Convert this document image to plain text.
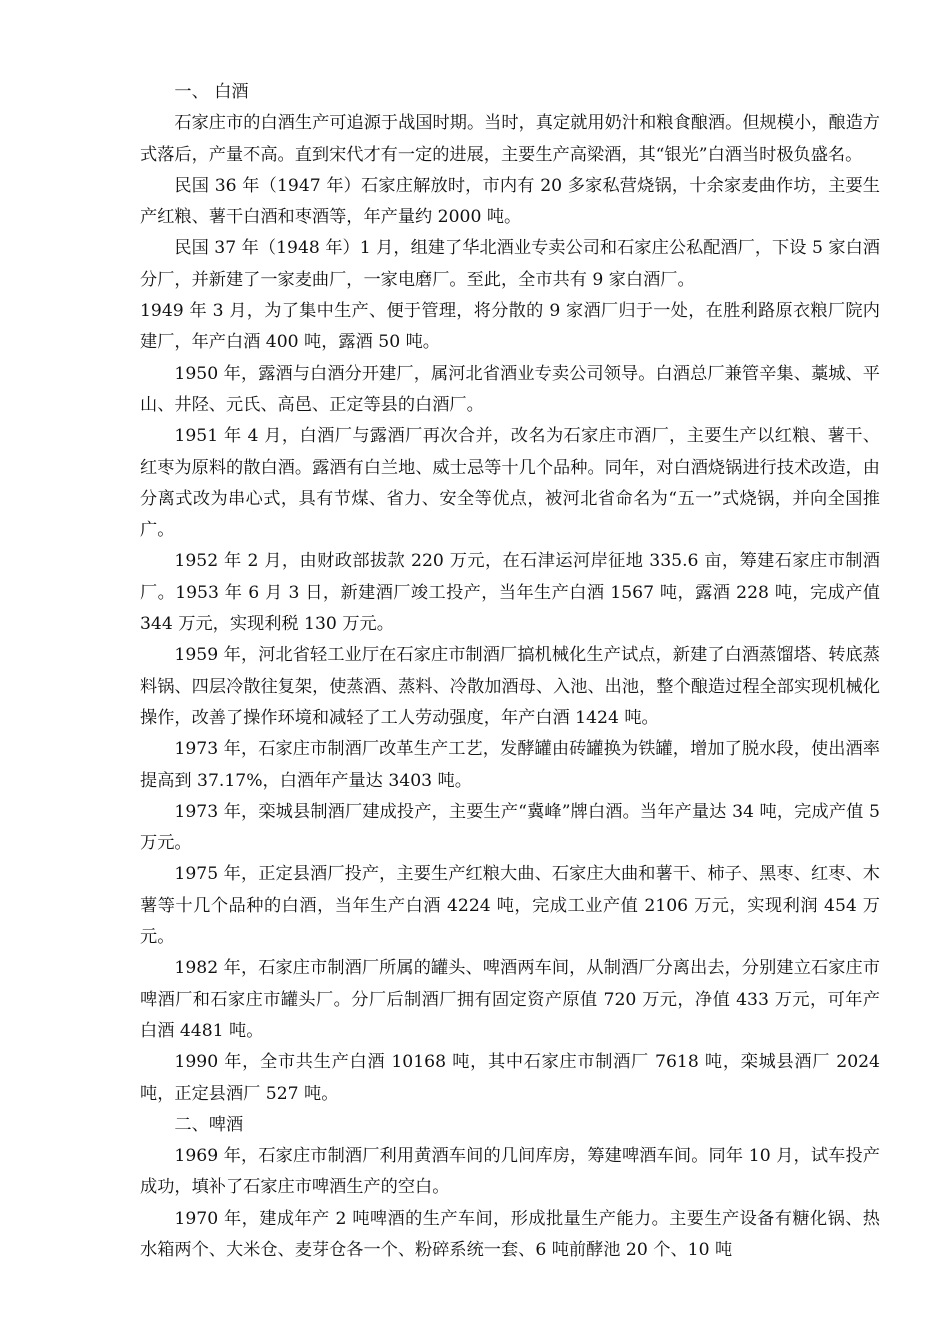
一、 白酒

石家庄市的白酒生产可追源于战国时期。当时，真定就用奶汁和粮食酿酒。但规模小，酿造方式落后，产量不高。直到宋代才有一定的进展，主要生产高梁酒，其“银光”白酒当时极负盛名。

民国 36 年（1947 年）石家庄解放时，市内有 20 多家私营烧锅，十余家麦曲作坊，主要生产红粮、薯干白酒和枣酒等，年产量约 2000 吨。

民国 37 年（1948 年）1 月，组建了华北酒业专卖公司和石家庄公私配酒厂，下设 5 家白酒分厂，并新建了一家麦曲厂，一家电磨厂。至此，全市共有 9 家白酒厂。

1949 年 3 月，为了集中生产、便于管理，将分散的 9 家酒厂归于一处，在胜利路原衣粮厂院内建厂，年产白酒 400 吨，露酒 50 吨。

1950 年，露酒与白酒分开建厂，属河北省酒业专卖公司领导。白酒总厂兼管辛集、藁城、平山、井陉、元氏、高邑、正定等县的白酒厂。

1951 年 4 月，白酒厂与露酒厂再次合并，改名为石家庄市酒厂，主要生产以红粮、薯干、红枣为原料的散白酒。露酒有白兰地、威士忌等十几个品种。同年，对白酒烧锅进行技术改造，由分离式改为串心式，具有节煤、省力、安全等优点，被河北省命名为“五一”式烧锅，并向全国推广。

1952 年 2 月，由财政部拔款 220 万元，在石津运河岸征地 335.6 亩，筹建石家庄市制酒厂。1953 年 6 月 3 日，新建酒厂竣工投产，当年生产白酒 1567 吨，露酒 228 吨，完成产值 344 万元，实现利税 130 万元。

1959 年，河北省轻工业厅在石家庄市制酒厂搞机械化生产试点，新建了白酒蒸馏塔、转底蒸料锅、四层冷散往复架，使蒸酒、蒸料、冷散加酒母、入池、出池，整个酿造过程全部实现机械化操作，改善了操作环境和减轻了工人劳动强度，年产白酒 1424 吨。

1973 年，石家庄市制酒厂改革生产工艺，发酵罐由砖罐换为铁罐，增加了脱水段，使出酒率提高到 37.17%，白酒年产量达 3403 吨。

1973 年，栾城县制酒厂建成投产，主要生产“冀峰”牌白酒。当年产量达 34 吨，完成产值 5 万元。

1975 年，正定县酒厂投产，主要生产红粮大曲、石家庄大曲和薯干、柿子、黑枣、红枣、木薯等十几个品种的白酒，当年生产白酒 4224 吨，完成工业产值 2106 万元，实现利润 454 万元。

1982 年，石家庄市制酒厂所属的罐头、啤酒两车间，从制酒厂分离出去，分别建立石家庄市啤酒厂和石家庄市罐头厂。分厂后制酒厂拥有固定资产原值 720 万元，净值 433 万元，可年产白酒 4481 吨。

1990 年，全市共生产白酒 10168 吨，其中石家庄市制酒厂 7618 吨，栾城县酒厂 2024 吨，正定县酒厂 527 吨。

二、啤酒

1969 年，石家庄市制酒厂利用黄酒车间的几间库房，筹建啤酒车间。同年 10 月，试车投产成功，填补了石家庄市啤酒生产的空白。

1970 年，建成年产 2 吨啤酒的生产车间，形成批量生产能力。主要生产设备有糖化锅、热水箱两个、大米仓、麦芽仓各一个、粉碎系统一套、6 吨前酵池 20 个、10 吨
